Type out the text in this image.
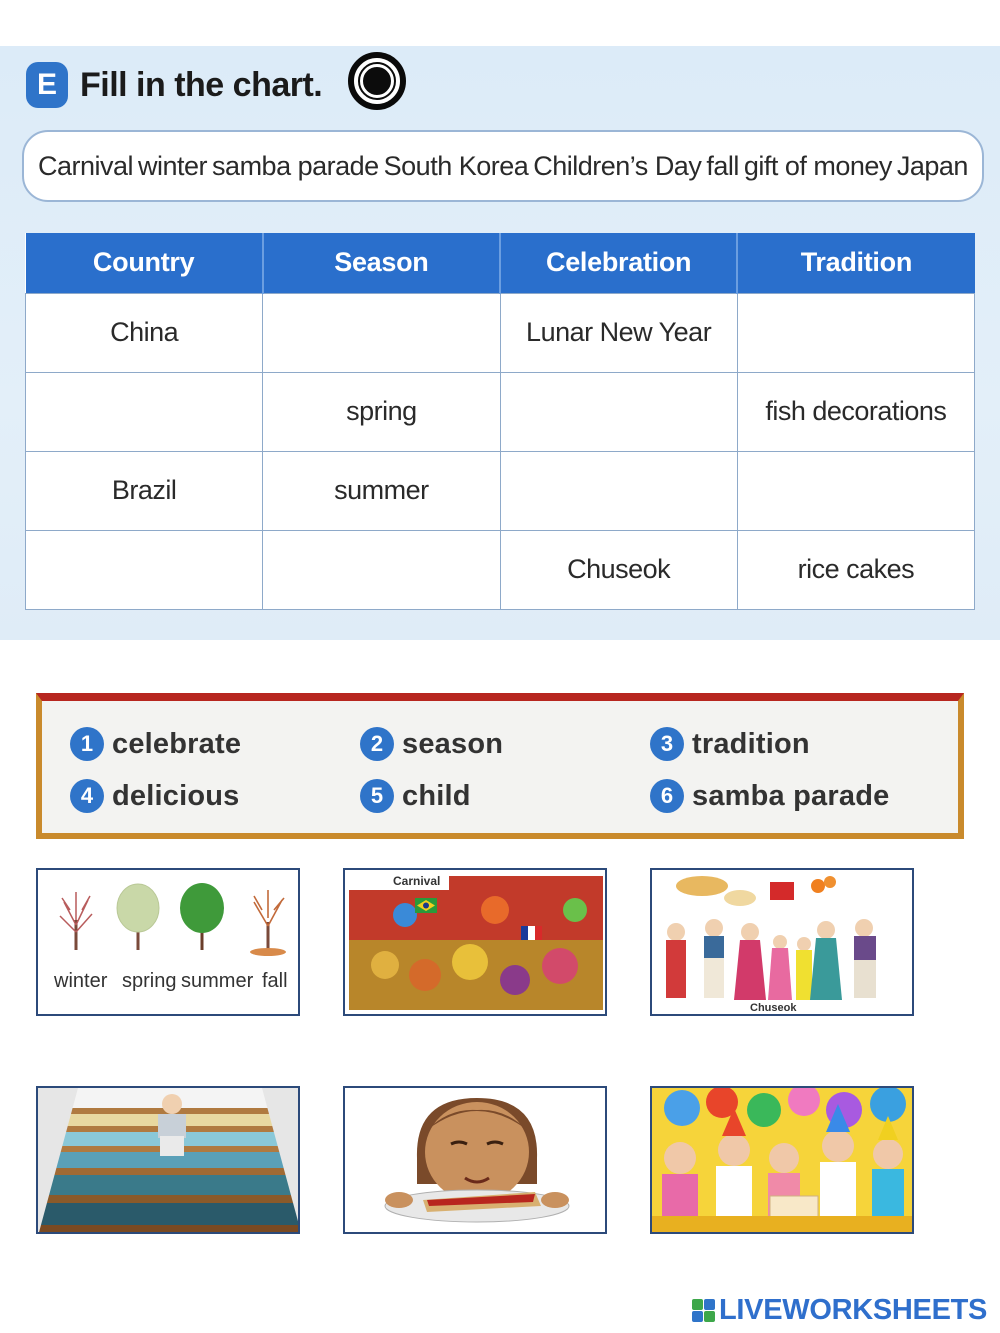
E Fill in the chart.
Carnival winter samba parade South Korea Children’s Day fall gift of money Japan
Country	Season	Celebration	Tradition
China		Lunar New Year	
	spring		fish decorations
Brazil	summer		
		Chuseok	rice cakes
1 celebrate	2 season	3 tradition
4 delicious	5 child	6 samba parade
winter spring summer fall
Carnival
Chuseok
LIVEWORKSHEETS
